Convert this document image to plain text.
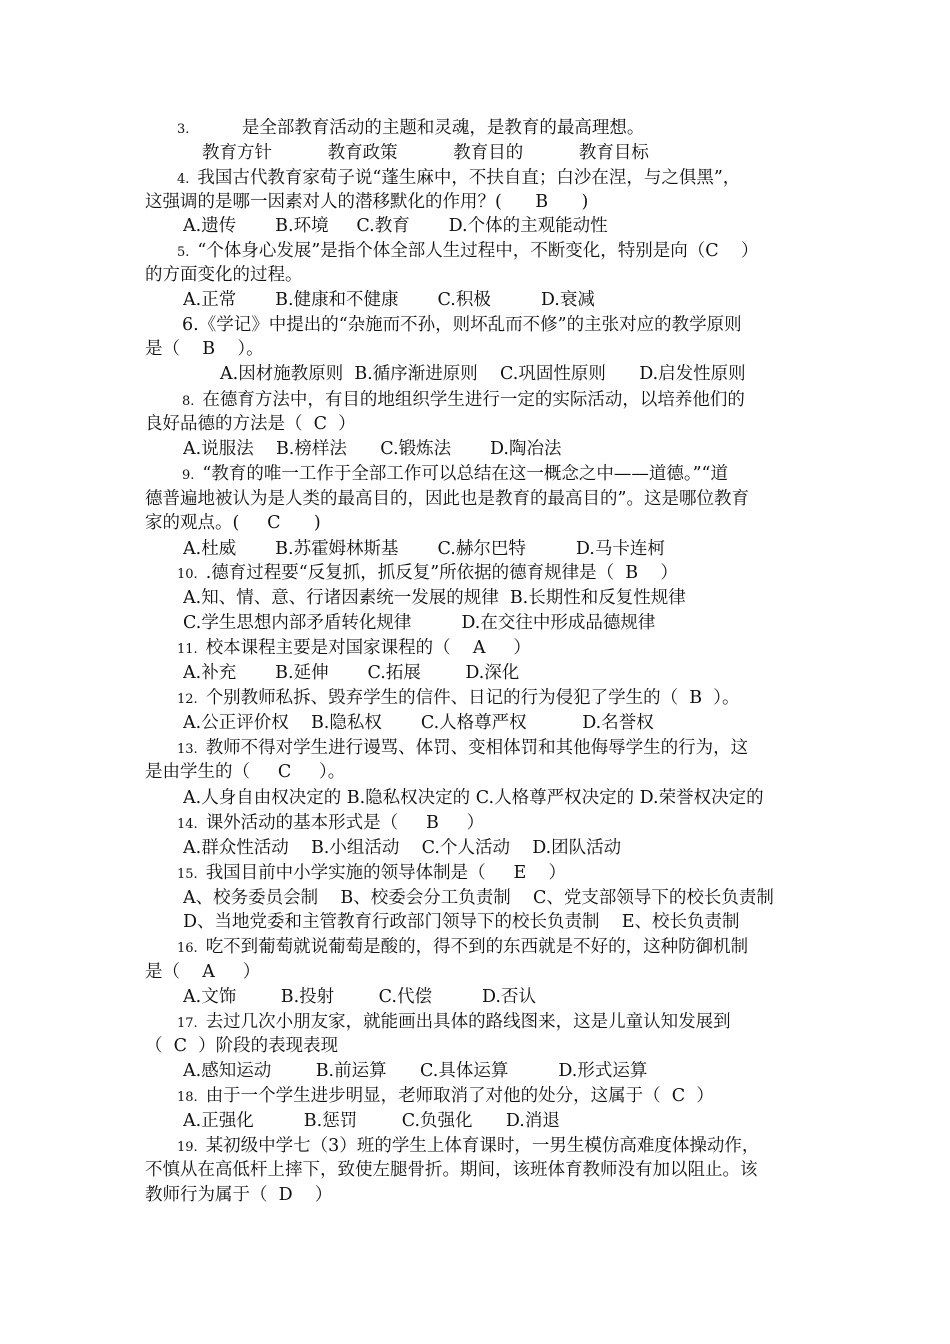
3.        是全部教育活动的主题和灵魂，是教育的最高理想。
教育方针          教育政策          教育目的          教育目标
4. 我国古代教育家荀子说“蓬生麻中，不扶自直；白沙在涅，与之俱黑”，
这强调的是哪一因素对人的潜移默化的作用？(      B      )
A.遗传       B.环境     C.教育       D.个体的主观能动性
5. “个体身心发展”是指个体全部人生过程中，不断变化，特别是向（C    ）
的方面变化的过程。
A.正常       B.健康和不健康       C.积极         D.衰减
6.《学记》中提出的“杂施而不孙，则坏乱而不修”的主张对应的教学原则
是（    B    ）。
A.因材施教原则  B.循序渐进原则    C.巩固性原则      D.启发性原则
8. 在德育方法中，有目的地组织学生进行一定的实际活动，以培养他们的
良好品德的方法是（  C  ）
A.说服法    B.榜样法      C.锻炼法       D.陶冶法
9. “教育的唯一工作于全部工作可以总结在这一概念之中——道德。”“道
德普遍地被认为是人类的最高目的，因此也是教育的最高目的”。这是哪位教育
家的观点。(     C      )
A.杜威       B.苏霍姆林斯基       C.赫尔巴特         D.马卡连柯
10. .德育过程要“反复抓，抓反复”所依据的德育规律是（  B    ）
A.知、情、意、行诸因素统一发展的规律  B.长期性和反复性规律
C.学生思想内部矛盾转化规律         D.在交往中形成品德规律
11. 校本课程主要是对国家课程的（    A     ）
A.补充       B.延伸       C.拓展        D.深化
12. 个别教师私拆、毁弃学生的信件、日记的行为侵犯了学生的（  B  ）。
A.公正评价权    B.隐私权       C.人格尊严权          D.名誉权
13. 教师不得对学生进行谩骂、体罚、变相体罚和其他侮辱学生的行为，这
是由学生的（     C     ）。
A.人身自由权决定的 B.隐私权决定的 C.人格尊严权决定的 D.荣誉权决定的
14. 课外活动的基本形式是（     B     ）
A.群众性活动    B.小组活动    C.个人活动    D.团队活动
15. 我国目前中小学实施的领导体制是（     E    ）
A、校务委员会制    B、校委会分工负责制    C、党支部领导下的校长负责制
D、当地党委和主管教育行政部门领导下的校长负责制    E、校长负责制
16. 吃不到葡萄就说葡萄是酸的，得不到的东西就是不好的，这种防御机制
是（    A     ）
A.文饰        B.投射        C.代偿         D.否认
17. 去过几次小朋友家，就能画出具体的路线图来，这是儿童认知发展到
（  C  ）阶段的表现表现
A.感知运动        B.前运算      C.具体运算         D.形式运算
18. 由于一个学生进步明显，老师取消了对他的处分，这属于（  C  ）
A.正强化         B.惩罚        C.负强化      D.消退
19. 某初级中学七（3）班的学生上体育课时，一男生模仿高难度体操动作，
不慎从在高低杆上摔下，致使左腿骨折。期间，该班体育教师没有加以阻止。该
教师行为属于（  D    ）
